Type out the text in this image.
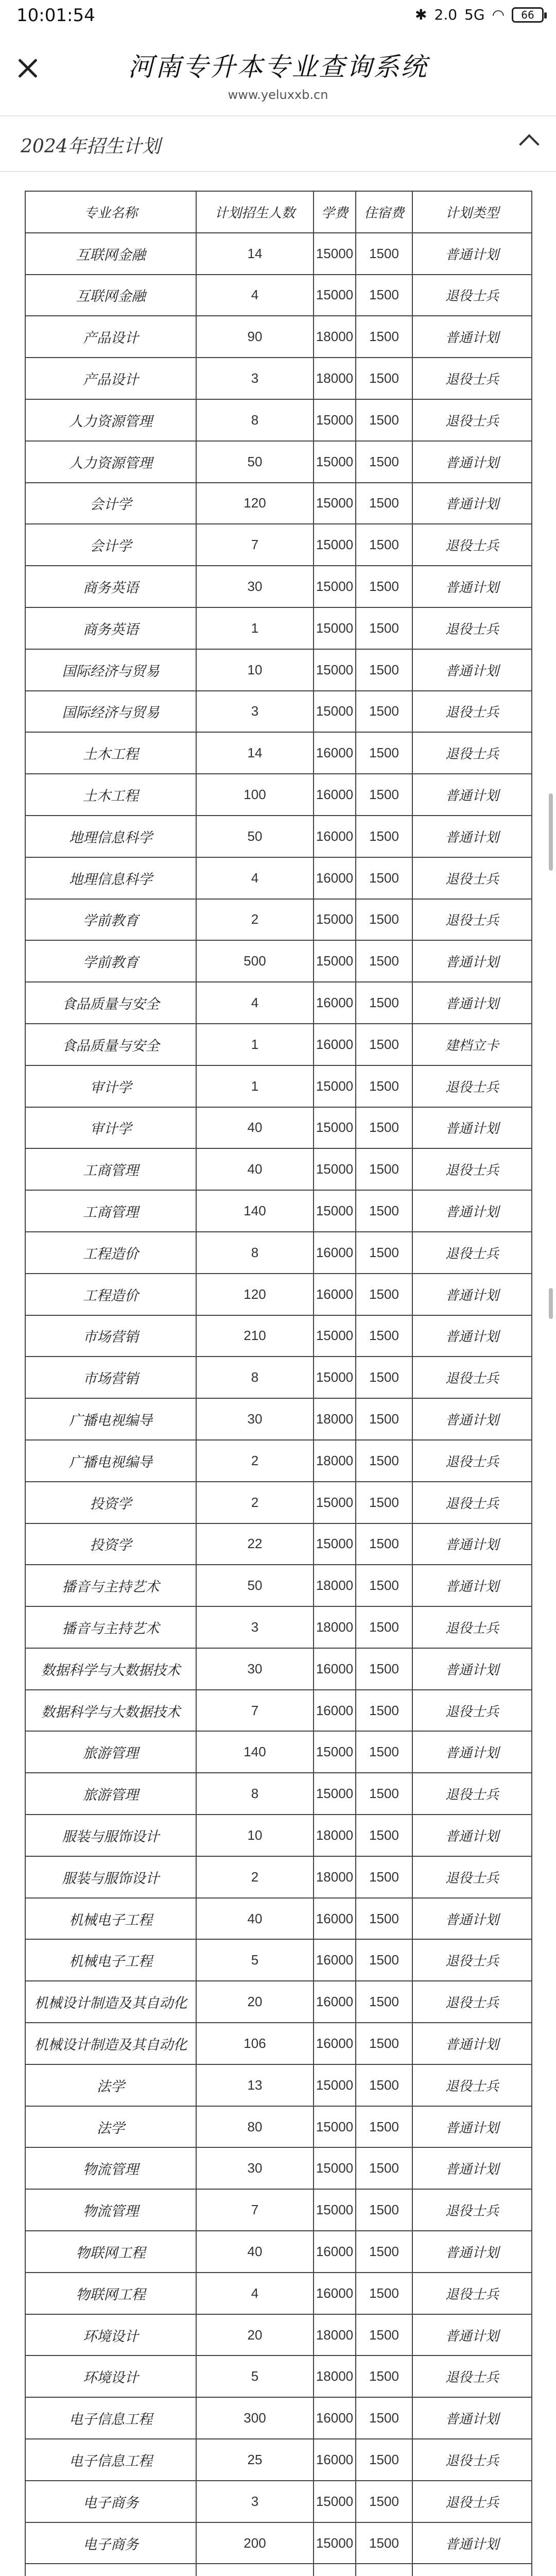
10:01:54	✱ 2.0 5G ◠	66
河南专升本专业查询系统
www.yeluxxb.cn
2024年招生计划
专业名称	计划招生人数	学费	住宿费	计划类型
互联网金融	14	15000	1500	普通计划
互联网金融	4	15000	1500	退役士兵
产品设计	90	18000	1500	普通计划
产品设计	3	18000	1500	退役士兵
人力资源管理	8	15000	1500	退役士兵
人力资源管理	50	15000	1500	普通计划
会计学	120	15000	1500	普通计划
会计学	7	15000	1500	退役士兵
商务英语	30	15000	1500	普通计划
商务英语	1	15000	1500	退役士兵
国际经济与贸易	10	15000	1500	普通计划
国际经济与贸易	3	15000	1500	退役士兵
土木工程	14	16000	1500	退役士兵
土木工程	100	16000	1500	普通计划
地理信息科学	50	16000	1500	普通计划
地理信息科学	4	16000	1500	退役士兵
学前教育	2	15000	1500	退役士兵
学前教育	500	15000	1500	普通计划
食品质量与安全	4	16000	1500	普通计划
食品质量与安全	1	16000	1500	建档立卡
审计学	1	15000	1500	退役士兵
审计学	40	15000	1500	普通计划
工商管理	40	15000	1500	退役士兵
工商管理	140	15000	1500	普通计划
工程造价	8	16000	1500	退役士兵
工程造价	120	16000	1500	普通计划
市场营销	210	15000	1500	普通计划
市场营销	8	15000	1500	退役士兵
广播电视编导	30	18000	1500	普通计划
广播电视编导	2	18000	1500	退役士兵
投资学	2	15000	1500	退役士兵
投资学	22	15000	1500	普通计划
播音与主持艺术	50	18000	1500	普通计划
播音与主持艺术	3	18000	1500	退役士兵
数据科学与大数据技术	30	16000	1500	普通计划
数据科学与大数据技术	7	16000	1500	退役士兵
旅游管理	140	15000	1500	普通计划
旅游管理	8	15000	1500	退役士兵
服装与服饰设计	10	18000	1500	普通计划
服装与服饰设计	2	18000	1500	退役士兵
机械电子工程	40	16000	1500	普通计划
机械电子工程	5	16000	1500	退役士兵
机械设计制造及其自动化	20	16000	1500	退役士兵
机械设计制造及其自动化	106	16000	1500	普通计划
法学	13	15000	1500	退役士兵
法学	80	15000	1500	普通计划
物流管理	30	15000	1500	普通计划
物流管理	7	15000	1500	退役士兵
物联网工程	40	16000	1500	普通计划
物联网工程	4	16000	1500	退役士兵
环境设计	20	18000	1500	普通计划
环境设计	5	18000	1500	退役士兵
电子信息工程	300	16000	1500	普通计划
电子信息工程	25	16000	1500	退役士兵
电子商务	3	15000	1500	退役士兵
电子商务	200	15000	1500	普通计划
